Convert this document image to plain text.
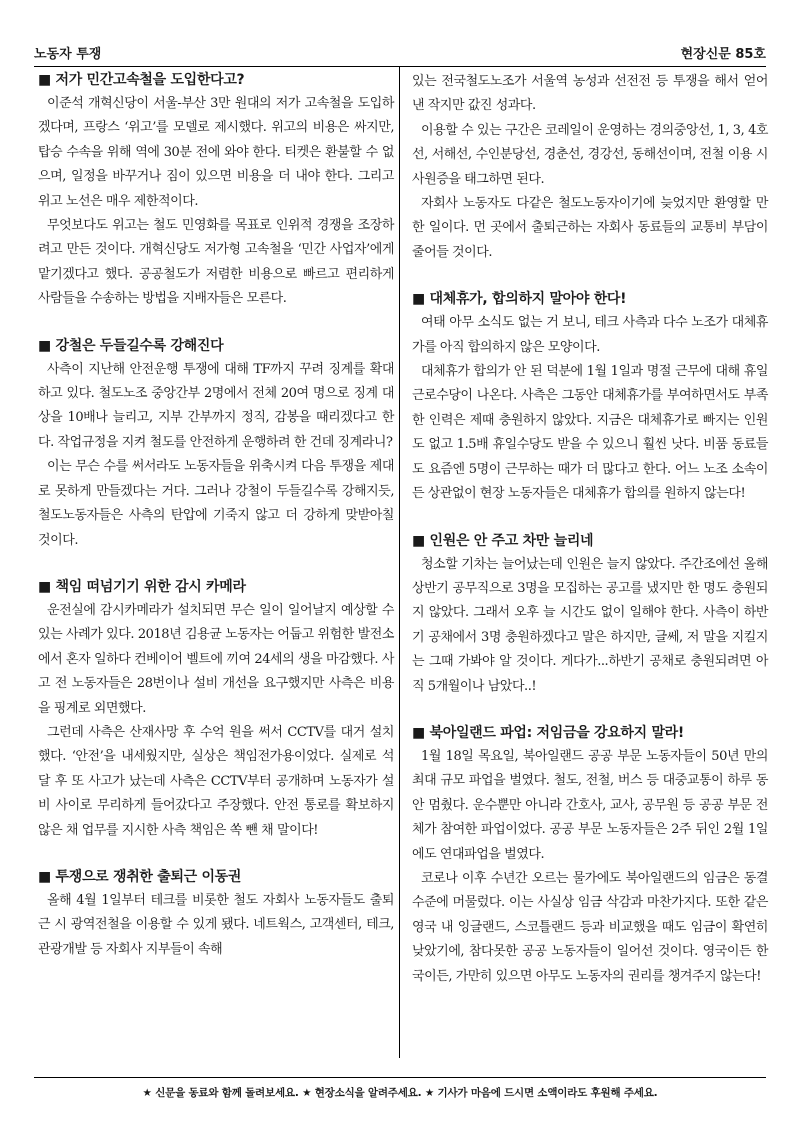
노동자 투쟁	현장신문 85호
■ 저가 민간고속철을 도입한다고?

이준석 개혁신당이 서울-부산 3만 원대의 저가 고속철을 도입하겠다며, 프랑스 ‘위고’를 모델로 제시했다. 위고의 비용은 싸지만, 탑승 수속을 위해 역에 30분 전에 와야 한다. 티켓은 환불할 수 없으며, 일정을 바꾸거나 짐이 있으면 비용을 더 내야 한다. 그리고 위고 노선은 매우 제한적이다.

무엇보다도 위고는 철도 민영화를 목표로 인위적 경쟁을 조장하려고 만든 것이다. 개혁신당도 저가형 고속철을 ‘민간 사업자’에게 맡기겠다고 했다. 공공철도가 저렴한 비용으로 빠르고 편리하게 사람들을 수송하는 방법을 지배자들은 모른다.

■ 강철은 두들길수록 강해진다

사측이 지난해 안전운행 투쟁에 대해 TF까지 꾸려 징계를 확대하고 있다. 철도노조 중앙간부 2명에서 전체 20여 명으로 징계 대상을 10배나 늘리고, 지부 간부까지 정직, 감봉을 때리겠다고 한다. 작업규정을 지켜 철도를 안전하게 운행하려 한 건데 징계라니?

이는 무슨 수를 써서라도 노동자들을 위축시켜 다음 투쟁을 제대로 못하게 만들겠다는 거다. 그러나 강철이 두들길수록 강해지듯, 철도노동자들은 사측의 탄압에 기죽지 않고 더 강하게 맞받아칠 것이다.

■ 책임 떠넘기기 위한 감시 카메라

운전실에 감시카메라가 설치되면 무슨 일이 일어날지 예상할 수 있는 사례가 있다. 2018년 김용균 노동자는 어둡고 위험한 발전소에서 혼자 일하다 컨베이어 벨트에 끼여 24세의 생을 마감했다. 사고 전 노동자들은 28번이나 설비 개선을 요구했지만 사측은 비용을 핑계로 외면했다.

그런데 사측은 산재사망 후 수억 원을 써서 CCTV를 대거 설치했다. ‘안전’을 내세웠지만, 실상은 책임전가용이었다. 실제로 석 달 후 또 사고가 났는데 사측은 CCTV부터 공개하며 노동자가 설비 사이로 무리하게 들어갔다고 주장했다. 안전 통로를 확보하지 않은 채 업무를 지시한 사측 책임은 쏙 뺀 채 말이다!

■ 투쟁으로 쟁취한 출퇴근 이동권

올해 4월 1일부터 테크를 비롯한 철도 자회사 노동자들도 출퇴근 시 광역전철을 이용할 수 있게 됐다. 네트웍스, 고객센터, 테크, 관광개발 등 자회사 지부들이 속해

있는 전국철도노조가 서울역 농성과 선전전 등 투쟁을 해서 얻어낸 작지만 값진 성과다.

이용할 수 있는 구간은 코레일이 운영하는 경의중앙선, 1, 3, 4호선, 서해선, 수인분당선, 경춘선, 경강선, 동해선이며, 전철 이용 시 사원증을 태그하면 된다.

자회사 노동자도 다같은 철도노동자이기에 늦었지만 환영할 만한 일이다. 먼 곳에서 출퇴근하는 자회사 동료들의 교통비 부담이 줄어들 것이다.

■ 대체휴가, 합의하지 말아야 한다!

여태 아무 소식도 없는 거 보니, 테크 사측과 다수 노조가 대체휴가를 아직 합의하지 않은 모양이다.

대체휴가 합의가 안 된 덕분에 1월 1일과 명절 근무에 대해 휴일근로수당이 나온다. 사측은 그동안 대체휴가를 부여하면서도 부족한 인력은 제때 충원하지 않았다. 지금은 대체휴가로 빠지는 인원도 없고 1.5배 휴일수당도 받을 수 있으니 훨씬 낫다. 비품 동료들도 요즘엔 5명이 근무하는 때가 더 많다고 한다. 어느 노조 소속이든 상관없이 현장 노동자들은 대체휴가 합의를 원하지 않는다!

■ 인원은 안 주고 차만 늘리네

청소할 기차는 늘어났는데 인원은 늘지 않았다. 주간조에선 올해 상반기 공무직으로 3명을 모집하는 공고를 냈지만 한 명도 충원되지 않았다. 그래서 오후 늘 시간도 없이 일해야 한다. 사측이 하반기 공채에서 3명 충원하겠다고 말은 하지만, 글쎄, 저 말을 지킬지는 그때 가봐야 알 것이다. 게다가...하반기 공채로 충원되려면 아직 5개월이나 남았다..!

■ 북아일랜드 파업: 저임금을 강요하지 말라!

1월 18일 목요일, 북아일랜드 공공 부문 노동자들이 50년 만의 최대 규모 파업을 벌였다. 철도, 전철, 버스 등 대중교통이 하루 동안 멈췄다. 운수뿐만 아니라 간호사, 교사, 공무원 등 공공 부문 전체가 참여한 파업이었다. 공공 부문 노동자들은 2주 뒤인 2월 1일에도 연대파업을 벌였다.

코로나 이후 수년간 오르는 물가에도 북아일랜드의 임금은 동결 수준에 머물렀다. 이는 사실상 임금 삭감과 마찬가지다. 또한 같은 영국 내 잉글랜드, 스코틀랜드 등과 비교했을 때도 임금이 확연히 낮았기에, 참다못한 공공 노동자들이 일어선 것이다. 영국이든 한국이든, 가만히 있으면 아무도 노동자의 권리를 챙겨주지 않는다!

★ 신문을 동료와 함께 돌려보세요. ★ 현장소식을 알려주세요. ★ 기사가 마음에 드시면 소액이라도 후원해 주세요.
